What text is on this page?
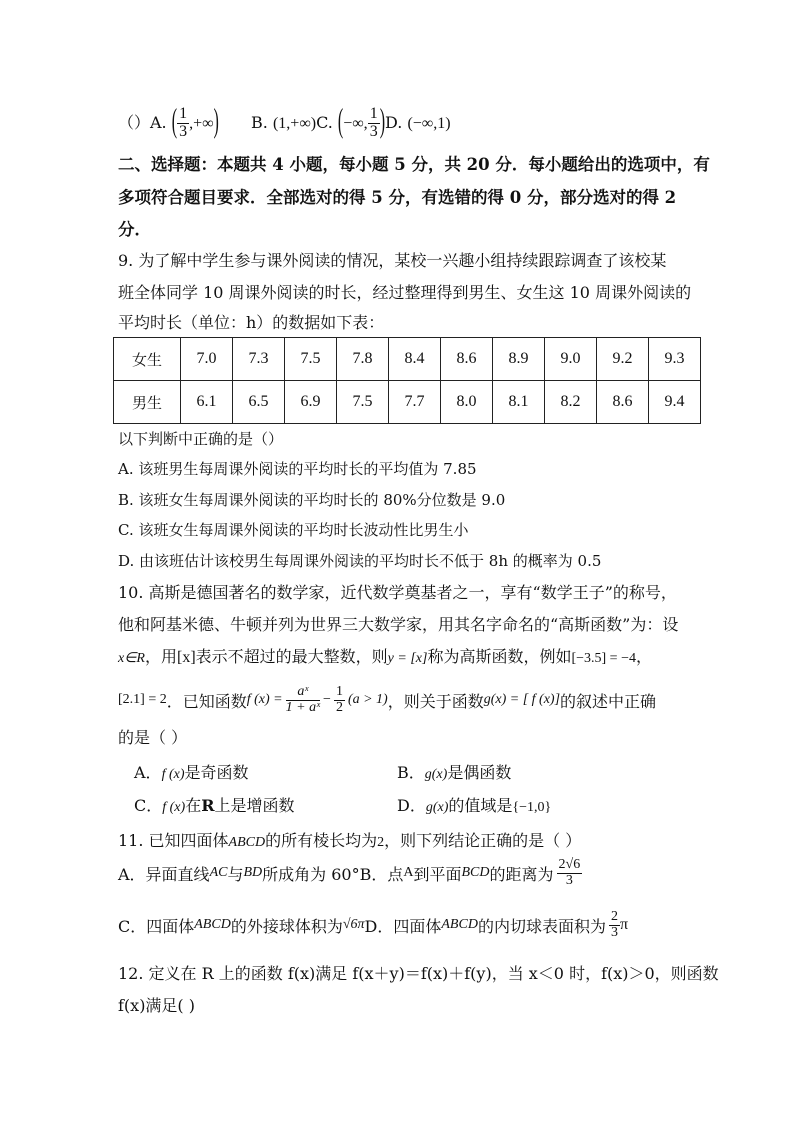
（）A. ( $\frac{1}{3}$ ,+∞) B. (1,+∞)C. (−∞, $\frac{1}{3} )D$. (−∞,1)
二、选择题：本题共 4 小题，每小题 5 分，共 20 分．每小题给出的选项中，有
多项符合题目要求．全部选对的得 5 分，有选错的得 0 分，部分选对的得 2
分．
9. 为了解中学生参与课外阅读的情况，某校一兴趣小组持续跟踪调查了该校某
班全体同学 10 周课外阅读的时长，经过整理得到男生、女生这 10 周课外阅读的
平均时长（单位：h）的数据如下表：
女生	7.0	7.3	7.5	7.8	8.4	8.6	8.9	9.0	9.2	9.3
男生	6.1	6.5	6.9	7.5	7.7	8.0	8.1	8.2	8.6	9.4
以下判断中正确的是（）
A. 该班男生每周课外阅读的平均时长的平均值为 7.85
B. 该班女生每周课外阅读的平均时长的 80%分位数是 9.0
C. 该班女生每周课外阅读的平均时长波动性比男生小
D. 由该班估计该校男生每周课外阅读的平均时长不低于 8h 的概率为 0.5
10. 高斯是德国著名的数学家，近代数学奠基者之一，享有“数学王子”的称号，
他和阿基米德、牛顿并列为世界三大数学家，用其名字命名的“高斯函数”为：设
x∈R，用[x]表示不超过的最大整数，则y = [x]称为高斯函数，例如[−3.5] = −4，
[2.1] = 2 ．已知函数 f $(x) = \frac{\text{aˣ}}{\text{1 + aˣ}} - \frac{1}{2} (a > 1)$ ，则关于函数 g(x) = [ f (x)] 的叙述中正确
的是（ ）
A．f (x)是奇函数	B．g(x)是偶函数
C．f (x)在R上是增函数	D．g(x)的值域是{−1,0}
11. 已知四面体ABCD的所有棱长均为2，则下列结论正确的是（ ）
A．异面直线 AC 与 BD 所成角为 60°B．点 A 到平面 BCD 的距离为 $\frac{2√6}{3}$
C．四面体 ABCD 的外接球体积为 √6π D．四面体 ABCD 的内切球表面积为 $\frac{2}{3}$ π
12. 定义在 R 上的函数 f(x)满足 f(x＋y)＝f(x)＋f(y)，当 x＜0 时，f(x)＞0，则函数
f(x)满足( )
